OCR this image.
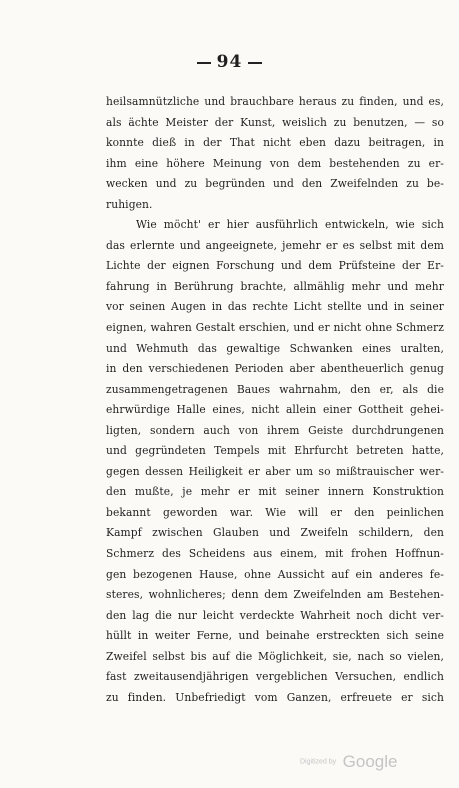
94
heilsamnützliche und brauchbare heraus zu finden, und es,
als ächte Meister der Kunst, weislich zu benutzen, — so
konnte dieß in der That nicht eben dazu beitragen, in
ihm eine höhere Meinung von dem bestehenden zu er-
wecken und zu begründen und den Zweifelnden zu be-
ruhigen.
Wie möcht' er hier ausführlich entwickeln, wie sich
das erlernte und angeeignete, jemehr er es selbst mit dem
Lichte der eignen Forschung und dem Prüfsteine der Er-
fahrung in Berührung brachte, allmählig mehr und mehr
vor seinen Augen in das rechte Licht stellte und in seiner
eignen, wahren Gestalt erschien, und er nicht ohne Schmerz
und Wehmuth das gewaltige Schwanken eines uralten,
in den verschiedenen Perioden aber abentheuerlich genug
zusammengetragenen Baues wahrnahm, den er, als die
ehrwürdige Halle eines, nicht allein einer Gottheit gehei-
ligten, sondern auch von ihrem Geiste durchdrungenen
und gegründeten Tempels mit Ehrfurcht betreten hatte,
gegen dessen Heiligkeit er aber um so mißtrauischer wer-
den mußte, je mehr er mit seiner innern Konstruktion
bekannt geworden war. Wie will er den peinlichen
Kampf zwischen Glauben und Zweifeln schildern, den
Schmerz des Scheidens aus einem, mit frohen Hoffnun-
gen bezogenen Hause, ohne Aussicht auf ein anderes fe-
steres, wohnlicheres; denn dem Zweifelnden am Bestehen-
den lag die nur leicht verdeckte Wahrheit noch dicht ver-
hüllt in weiter Ferne, und beinahe erstreckten sich seine
Zweifel selbst bis auf die Möglichkeit, sie, nach so vielen,
fast zweitausendjährigen vergeblichen Versuchen, endlich
zu finden. Unbefriedigt vom Ganzen, erfreuete er sich
Digitized by Google
